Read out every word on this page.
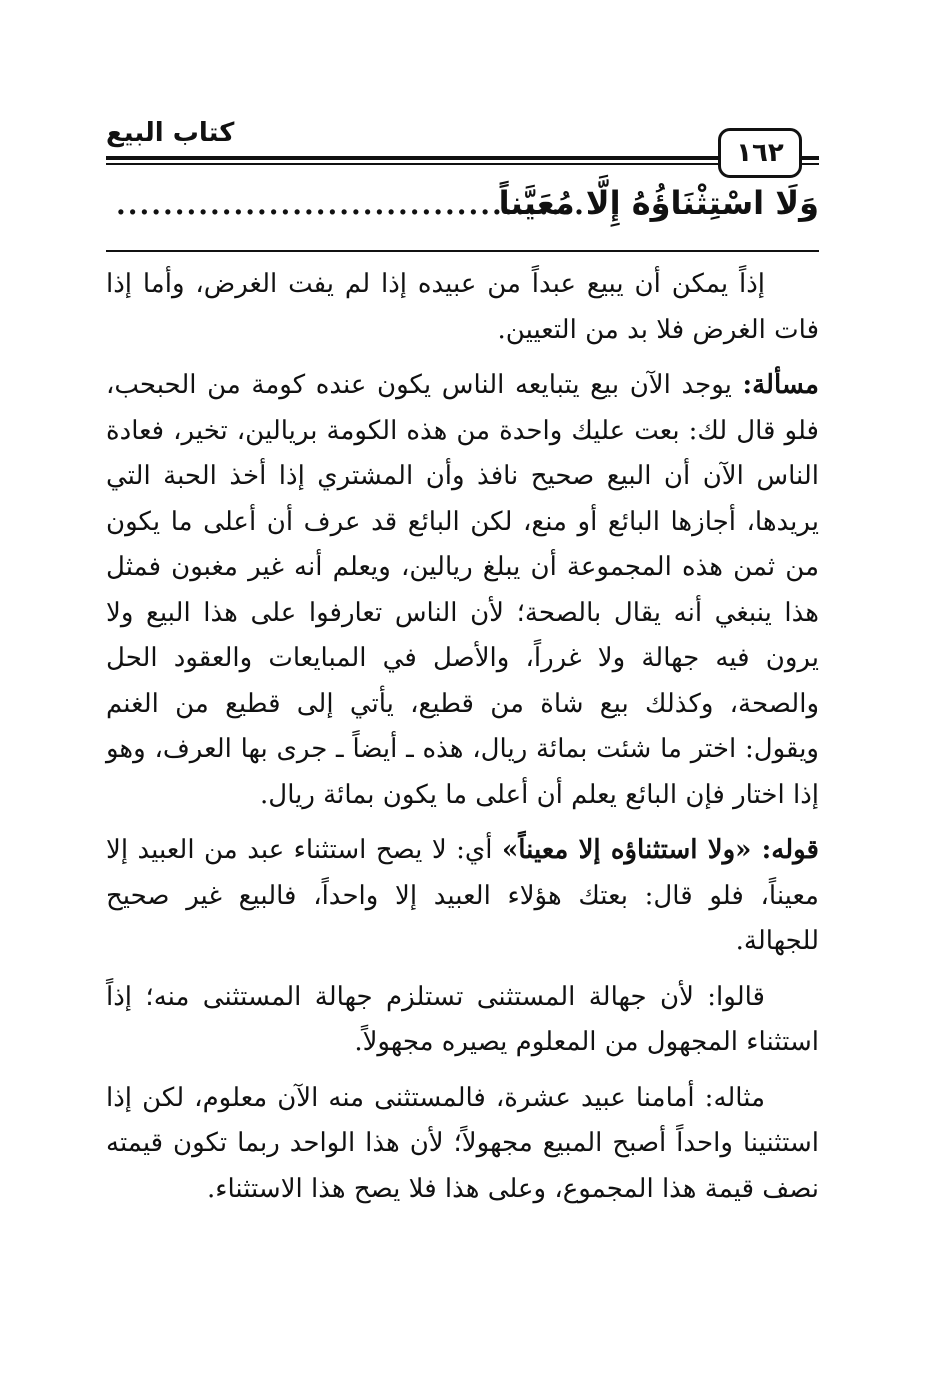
كتاب البيع
١٦٢
وَلَا اسْتِثْنَاؤُهُ إِلَّا مُعَيَّناً
........................................

إذاً يمكن أن يبيع عبداً من عبيده إذا لم يفت الغرض، وأما إذا فات الغرض فلا بد من التعيين.

مسألة: يوجد الآن بيع يتبايعه الناس يكون عنده كومة من الحبحب، فلو قال لك: بعت عليك واحدة من هذه الكومة بريالين، تخير، فعادة الناس الآن أن البيع صحيح نافذ وأن المشتري إذا أخذ الحبة التي يريدها، أجازها البائع أو منع، لكن البائع قد عرف أن أعلى ما يكون من ثمن هذه المجموعة أن يبلغ ريالين، ويعلم أنه غير مغبون فمثل هذا ينبغي أنه يقال بالصحة؛ لأن الناس تعارفوا على هذا البيع ولا يرون فيه جهالة ولا غرراً، والأصل في المبايعات والعقود الحل والصحة، وكذلك بيع شاة من قطيع، يأتي إلى قطيع من الغنم ويقول: اختر ما شئت بمائة ريال، هذه ـ أيضاً ـ جرى بها العرف، وهو إذا اختار فإن البائع يعلم أن أعلى ما يكون بمائة ريال.

قوله: «ولا استثناؤه إلا معيناً» أي: لا يصح استثناء عبد من العبيد إلا معيناً، فلو قال: بعتك هؤلاء العبيد إلا واحداً، فالبيع غير صحيح للجهالة.

قالوا: لأن جهالة المستثنى تستلزم جهالة المستثنى منه؛ إذاً استثناء المجهول من المعلوم يصيره مجهولاً.

مثاله: أمامنا عبيد عشرة، فالمستثنى منه الآن معلوم، لكن إذا استثنينا واحداً أصبح المبيع مجهولاً؛ لأن هذا الواحد ربما تكون قيمته نصف قيمة هذا المجموع، وعلى هذا فلا يصح هذا الاستثناء.
